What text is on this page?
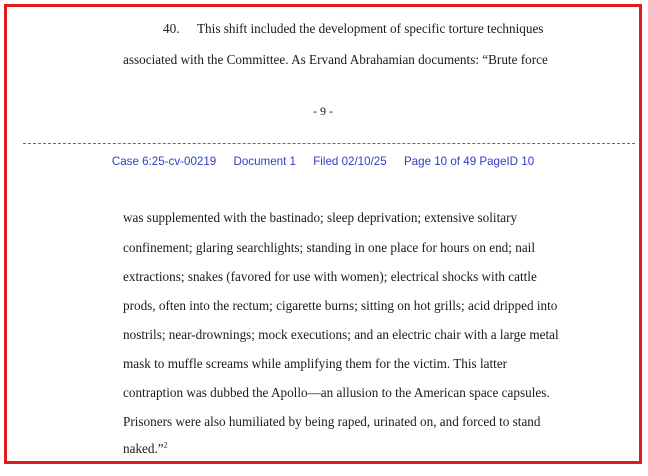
40. This shift included the development of specific torture techniques
associated with the Committee. As Ervand Abrahamian documents: “Brute force
- 9 -
Case 6:25-cv-00219 Document 1 Filed 02/10/25 Page 10 of 49 PageID 10
was supplemented with the bastinado; sleep deprivation; extensive solitary
confinement; glaring searchlights; standing in one place for hours on end; nail
extractions; snakes (favored for use with women); electrical shocks with cattle
prods, often into the rectum; cigarette burns; sitting on hot grills; acid dripped into
nostrils; near-drownings; mock executions; and an electric chair with a large metal
mask to muffle screams while amplifying them for the victim. This latter
contraption was dubbed the Apollo—an allusion to the American space capsules.
Prisoners were also humiliated by being raped, urinated on, and forced to stand
naked.”$^2$
